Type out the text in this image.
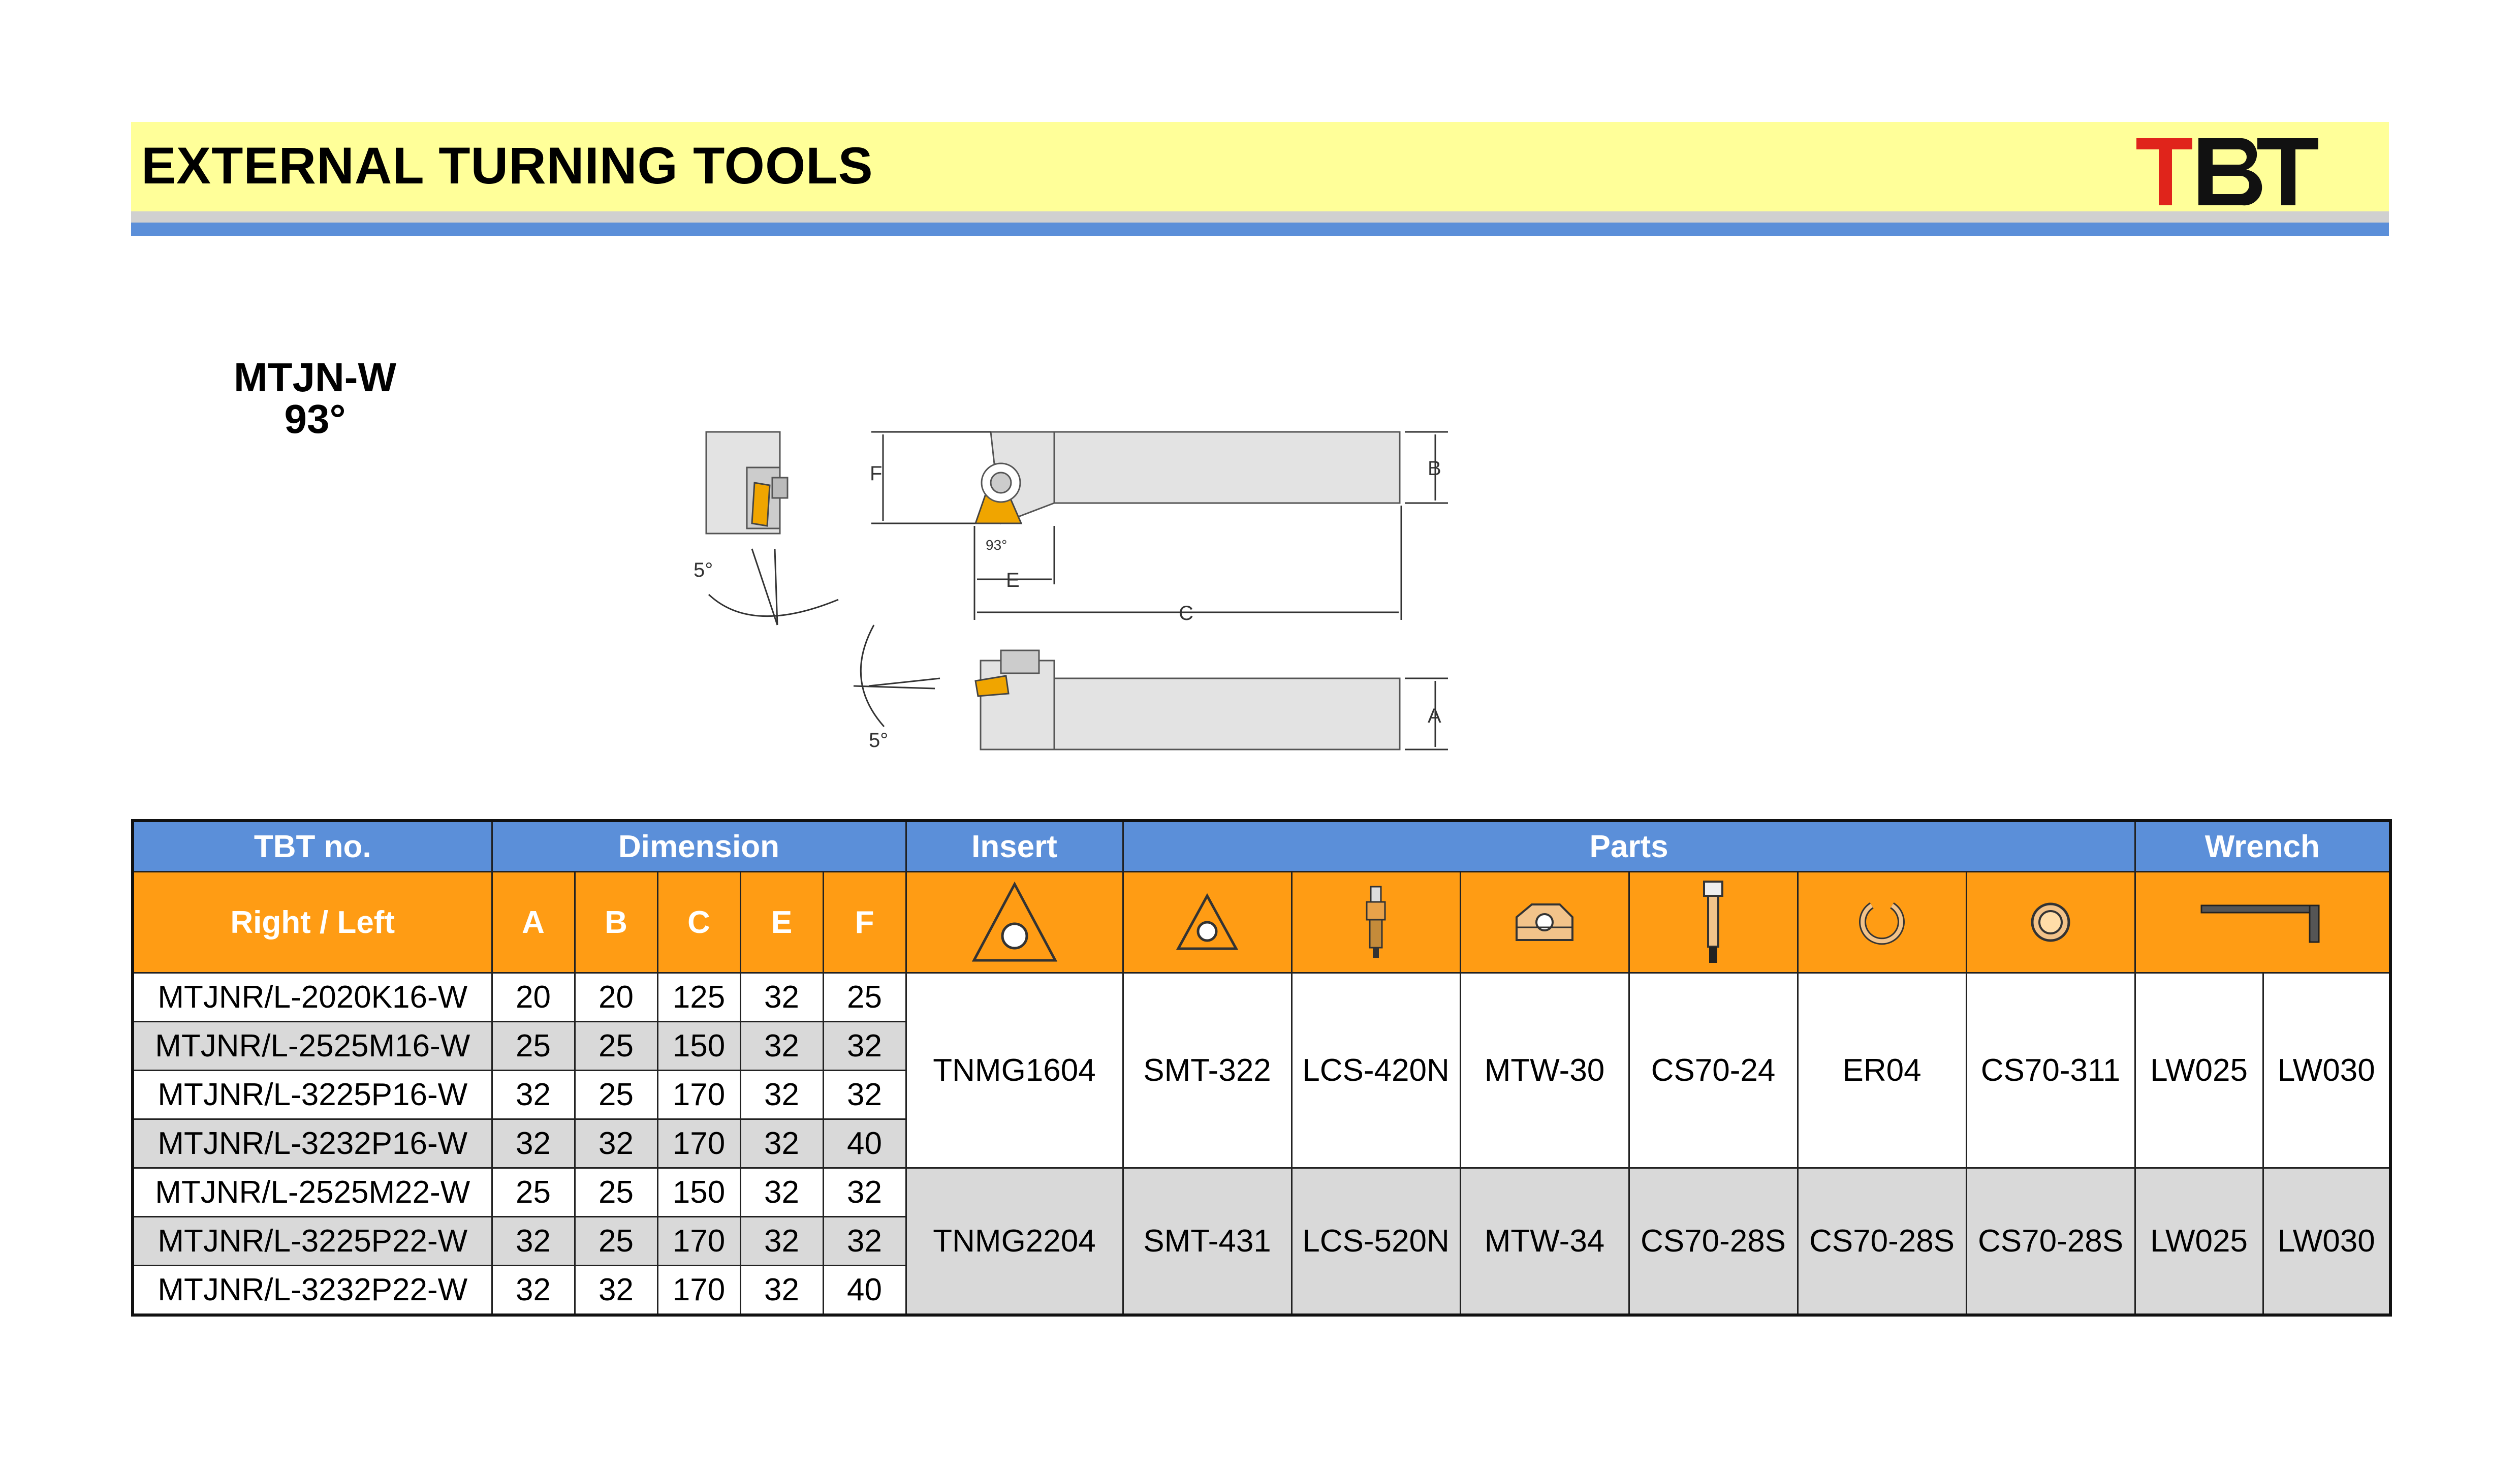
EXTERNAL TURNING TOOLS
MTJN-W
93°
5°
F	B
E
C
93°
A
5°
TBT no.	Dimension					Insert	Parts						Wrench	
Right / Left	A	B	C	E	F	

MTJNR/L-2020K16-W	20	20	125	32	25	TNMG1604	SMT-322	LCS-420N	MTW-30	CS70-24	ER04	CS70-311	LW025	LW030
MTJNR/L-2525M16-W	25	25	150	32	32									
MTJNR/L-3225P16-W	32	25	170	32	32									
MTJNR/L-3232P16-W	32	32	170	32	40									
MTJNR/L-2525M22-W	25	25	150	32	32	TNMG2204	SMT-431	LCS-520N	MTW-34	CS70-28S	CS70-28S	CS70-28S	LW025	LW030
MTJNR/L-3225P22-W	32	25	170	32	32									
MTJNR/L-3232P22-W	32	32	170	32	40									
